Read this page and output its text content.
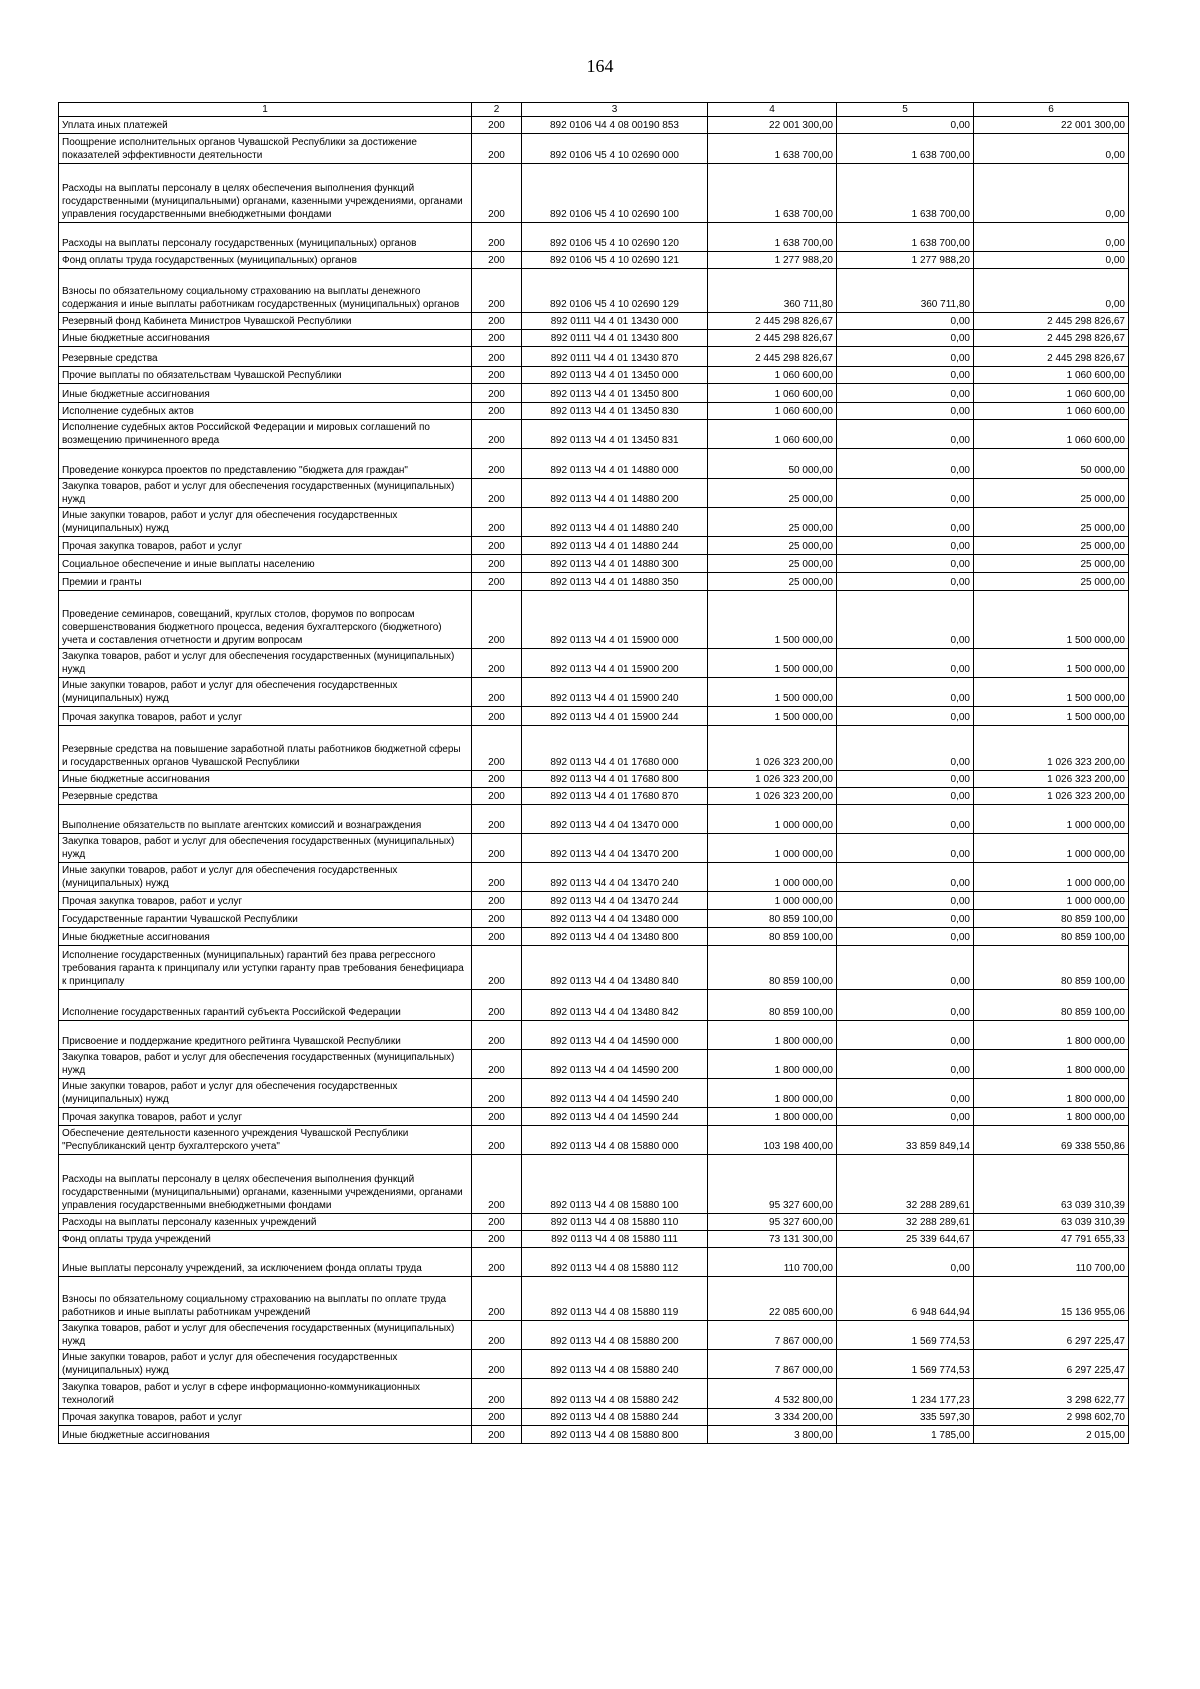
164
1	2	3	4	5	6
Уплата иных платежей	200	892 0106 Ч4 4 08 00190 853	22 001 300,00	0,00	22 001 300,00
Поощрение исполнительных органов Чувашской Республики за достижение показателей эффективности деятельности	200	892 0106 Ч5 4 10 02690 000	1 638 700,00	1 638 700,00	0,00
Расходы на выплаты персоналу в целях обеспечения выполнения функций государственными (муниципальными) органами, казенными учреждениями, органами управления государственными внебюджетными фондами	200	892 0106 Ч5 4 10 02690 100	1 638 700,00	1 638 700,00	0,00
Расходы на выплаты персоналу государственных (муниципальных) органов	200	892 0106 Ч5 4 10 02690 120	1 638 700,00	1 638 700,00	0,00
Фонд оплаты труда государственных (муниципальных) органов	200	892 0106 Ч5 4 10 02690 121	1 277 988,20	1 277 988,20	0,00
Взносы по обязательному социальному страхованию на выплаты денежного содержания и иные выплаты работникам государственных (муниципальных) органов	200	892 0106 Ч5 4 10 02690 129	360 711,80	360 711,80	0,00
Резервный фонд Кабинета Министров Чувашской Республики	200	892 0111 Ч4 4 01 13430 000	2 445 298 826,67	0,00	2 445 298 826,67
Иные бюджетные ассигнования	200	892 0111 Ч4 4 01 13430 800	2 445 298 826,67	0,00	2 445 298 826,67
Резервные средства	200	892 0111 Ч4 4 01 13430 870	2 445 298 826,67	0,00	2 445 298 826,67
Прочие выплаты по обязательствам Чувашской Республики	200	892 0113 Ч4 4 01 13450 000	1 060 600,00	0,00	1 060 600,00
Иные бюджетные ассигнования	200	892 0113 Ч4 4 01 13450 800	1 060 600,00	0,00	1 060 600,00
Исполнение судебных актов	200	892 0113 Ч4 4 01 13450 830	1 060 600,00	0,00	1 060 600,00
Исполнение судебных актов Российской Федерации и мировых соглашений по возмещению причиненного вреда	200	892 0113 Ч4 4 01 13450 831	1 060 600,00	0,00	1 060 600,00
Проведение конкурса проектов по представлению "бюджета для граждан"	200	892 0113 Ч4 4 01 14880 000	50 000,00	0,00	50 000,00
Закупка товаров, работ и услуг для обеспечения государственных (муниципальных) нужд	200	892 0113 Ч4 4 01 14880 200	25 000,00	0,00	25 000,00
Иные закупки товаров, работ и услуг для обеспечения государственных (муниципальных) нужд	200	892 0113 Ч4 4 01 14880 240	25 000,00	0,00	25 000,00
Прочая закупка товаров, работ и услуг	200	892 0113 Ч4 4 01 14880 244	25 000,00	0,00	25 000,00
Социальное обеспечение и иные выплаты населению	200	892 0113 Ч4 4 01 14880 300	25 000,00	0,00	25 000,00
Премии и гранты	200	892 0113 Ч4 4 01 14880 350	25 000,00	0,00	25 000,00
Проведение семинаров, совещаний, круглых столов, форумов по вопросам совершенствования бюджетного процесса, ведения бухгалтерского (бюджетного) учета и составления отчетности и другим вопросам	200	892 0113 Ч4 4 01 15900 000	1 500 000,00	0,00	1 500 000,00
Закупка товаров, работ и услуг для обеспечения государственных (муниципальных) нужд	200	892 0113 Ч4 4 01 15900 200	1 500 000,00	0,00	1 500 000,00
Иные закупки товаров, работ и услуг для обеспечения государственных (муниципальных) нужд	200	892 0113 Ч4 4 01 15900 240	1 500 000,00	0,00	1 500 000,00
Прочая закупка товаров, работ и услуг	200	892 0113 Ч4 4 01 15900 244	1 500 000,00	0,00	1 500 000,00
Резервные средства на повышение заработной платы работников бюджетной сферы и государственных органов Чувашской Республики	200	892 0113 Ч4 4 01 17680 000	1 026 323 200,00	0,00	1 026 323 200,00
Иные бюджетные ассигнования	200	892 0113 Ч4 4 01 17680 800	1 026 323 200,00	0,00	1 026 323 200,00
Резервные средства	200	892 0113 Ч4 4 01 17680 870	1 026 323 200,00	0,00	1 026 323 200,00
Выполнение обязательств по выплате агентских комиссий и вознаграждения	200	892 0113 Ч4 4 04 13470 000	1 000 000,00	0,00	1 000 000,00
Закупка товаров, работ и услуг для обеспечения государственных (муниципальных) нужд	200	892 0113 Ч4 4 04 13470 200	1 000 000,00	0,00	1 000 000,00
Иные закупки товаров, работ и услуг для обеспечения государственных (муниципальных) нужд	200	892 0113 Ч4 4 04 13470 240	1 000 000,00	0,00	1 000 000,00
Прочая закупка товаров, работ и услуг	200	892 0113 Ч4 4 04 13470 244	1 000 000,00	0,00	1 000 000,00
Государственные гарантии Чувашской Республики	200	892 0113 Ч4 4 04 13480 000	80 859 100,00	0,00	80 859 100,00
Иные бюджетные ассигнования	200	892 0113 Ч4 4 04 13480 800	80 859 100,00	0,00	80 859 100,00
Исполнение государственных (муниципальных) гарантий без права регрессного требования гаранта к принципалу или уступки гаранту прав требования бенефициара к принципалу	200	892 0113 Ч4 4 04 13480 840	80 859 100,00	0,00	80 859 100,00
Исполнение государственных гарантий субъекта Российской Федерации	200	892 0113 Ч4 4 04 13480 842	80 859 100,00	0,00	80 859 100,00
Присвоение и поддержание кредитного рейтинга Чувашской Республики	200	892 0113 Ч4 4 04 14590 000	1 800 000,00	0,00	1 800 000,00
Закупка товаров, работ и услуг для обеспечения государственных (муниципальных) нужд	200	892 0113 Ч4 4 04 14590 200	1 800 000,00	0,00	1 800 000,00
Иные закупки товаров, работ и услуг для обеспечения государственных (муниципальных) нужд	200	892 0113 Ч4 4 04 14590 240	1 800 000,00	0,00	1 800 000,00
Прочая закупка товаров, работ и услуг	200	892 0113 Ч4 4 04 14590 244	1 800 000,00	0,00	1 800 000,00
Обеспечение деятельности казенного учреждения Чувашской Республики "Республиканский центр бухгалтерского учета"	200	892 0113 Ч4 4 08 15880 000	103 198 400,00	33 859 849,14	69 338 550,86
Расходы на выплаты персоналу в целях обеспечения выполнения функций государственными (муниципальными) органами, казенными учреждениями, органами управления государственными внебюджетными фондами	200	892 0113 Ч4 4 08 15880 100	95 327 600,00	32 288 289,61	63 039 310,39
Расходы на выплаты персоналу казенных учреждений	200	892 0113 Ч4 4 08 15880 110	95 327 600,00	32 288 289,61	63 039 310,39
Фонд оплаты труда учреждений	200	892 0113 Ч4 4 08 15880 111	73 131 300,00	25 339 644,67	47 791 655,33
Иные выплаты персоналу учреждений, за исключением фонда оплаты труда	200	892 0113 Ч4 4 08 15880 112	110 700,00	0,00	110 700,00
Взносы по обязательному социальному страхованию на выплаты по оплате труда работников и иные выплаты работникам учреждений	200	892 0113 Ч4 4 08 15880 119	22 085 600,00	6 948 644,94	15 136 955,06
Закупка товаров, работ и услуг для обеспечения государственных (муниципальных) нужд	200	892 0113 Ч4 4 08 15880 200	7 867 000,00	1 569 774,53	6 297 225,47
Иные закупки товаров, работ и услуг для обеспечения государственных (муниципальных) нужд	200	892 0113 Ч4 4 08 15880 240	7 867 000,00	1 569 774,53	6 297 225,47
Закупка товаров, работ и услуг в сфере информационно-коммуникационных технологий	200	892 0113 Ч4 4 08 15880 242	4 532 800,00	1 234 177,23	3 298 622,77
Прочая закупка товаров, работ и услуг	200	892 0113 Ч4 4 08 15880 244	3 334 200,00	335 597,30	2 998 602,70
Иные бюджетные ассигнования	200	892 0113 Ч4 4 08 15880 800	3 800,00	1 785,00	2 015,00
